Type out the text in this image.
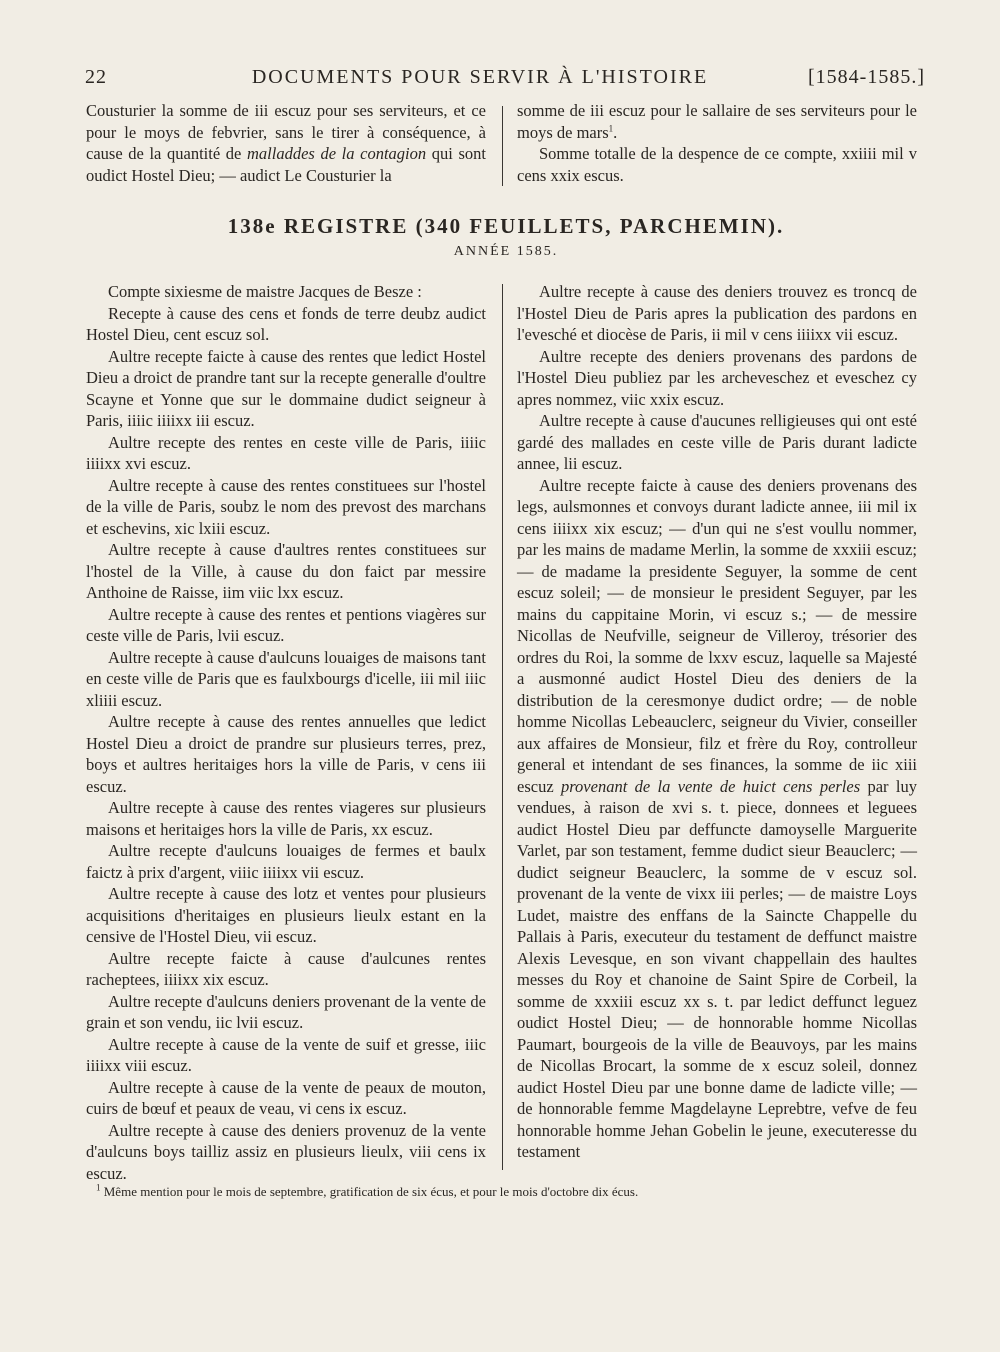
22	DOCUMENTS POUR SERVIR À L'HISTOIRE	[1584-1585.]

Cousturier la somme de iii escuz pour ses serviteurs, et ce pour le moys de febvrier, sans le tirer à conséquence, à cause de la quantité de malladdes de la contagion qui sont oudict Hostel Dieu; — audict Le Cousturier la

somme de iii escuz pour le sallaire de ses serviteurs pour le moys de mars$^1$.

Somme totalle de la despence de ce compte, xxiiii mil v cens xxix escus.

138e REGISTRE (340 FEUILLETS, PARCHEMIN).
ANNÉE 1585.

Compte sixiesme de maistre Jacques de Besze :

Recepte à cause des cens et fonds de terre deubz audict Hostel Dieu, cent escuz sol.

Aultre recepte faicte à cause des rentes que ledict Hostel Dieu a droict de prandre tant sur la recepte generalle d'oultre Scayne et Yonne que sur le dommaine dudict seigneur à Paris, iiiic iiiixx iii escuz.

Aultre recepte des rentes en ceste ville de Paris, iiiic iiiixx xvi escuz.

Aultre recepte à cause des rentes constituees sur l'hostel de la ville de Paris, soubz le nom des prevost des marchans et eschevins, xic lxiii escuz.

Aultre recepte à cause d'aultres rentes constituees sur l'hostel de la Ville, à cause du don faict par messire Anthoine de Raisse, iim viic lxx escuz.

Aultre recepte à cause des rentes et pentions viagères sur ceste ville de Paris, lvii escuz.

Aultre recepte à cause d'aulcuns louaiges de maisons tant en ceste ville de Paris que es faulxbourgs d'icelle, iii mil iiic xliiii escuz.

Aultre recepte à cause des rentes annuelles que ledict Hostel Dieu a droict de prandre sur plusieurs terres, prez, boys et aultres heritaiges hors la ville de Paris, v cens iii escuz.

Aultre recepte à cause des rentes viageres sur plusieurs maisons et heritaiges hors la ville de Paris, xx escuz.

Aultre recepte d'aulcuns louaiges de fermes et baulx faictz à prix d'argent, viiic iiiixx vii escuz.

Aultre recepte à cause des lotz et ventes pour plusieurs acquisitions d'heritaiges en plusieurs lieulx estant en la censive de l'Hostel Dieu, vii escuz.

Aultre recepte faicte à cause d'aulcunes rentes racheptees, iiiixx xix escuz.

Aultre recepte d'aulcuns deniers provenant de la vente de grain et son vendu, iic lvii escuz.

Aultre recepte à cause de la vente de suif et gresse, iiic iiiixx viii escuz.

Aultre recepte à cause de la vente de peaux de mouton, cuirs de bœuf et peaux de veau, vi cens ix escuz.

Aultre recepte à cause des deniers provenuz de la vente d'aulcuns boys tailliz assiz en plusieurs lieulx, viii cens ix escuz.

Aultre recepte à cause des deniers trouvez es troncq de l'Hostel Dieu de Paris apres la publication des pardons en l'evesché et diocèse de Paris, ii mil v cens iiiixx vii escuz.

Aultre recepte des deniers provenans des pardons de l'Hostel Dieu publiez par les archeveschez et eveschez cy apres nommez, viic xxix escuz.

Aultre recepte à cause d'aucunes relligieuses qui ont esté gardé des mallades en ceste ville de Paris durant ladicte annee, lii escuz.

Aultre recepte faicte à cause des deniers provenans des legs, aulsmonnes et convoys durant ladicte annee, iii mil ix cens iiiixx xix escuz; — d'un qui ne s'est voullu nommer, par les mains de madame Merlin, la somme de xxxiii escuz; — de madame la presidente Seguyer, la somme de cent escuz soleil; — de monsieur le president Seguyer, par les mains du cappitaine Morin, vi escuz s.; — de messire Nicollas de Neufville, seigneur de Villeroy, trésorier des ordres du Roi, la somme de lxxv escuz, laquelle sa Majesté a ausmonné audict Hostel Dieu des deniers de la distribution de la ceresmonye dudict ordre; — de noble homme Nicollas Lebeauclerc, seigneur du Vivier, conseiller aux affaires de Monsieur, filz et frère du Roy, controlleur general et intendant de ses finances, la somme de iic xiii escuz provenant de la vente de huict cens perles par luy vendues, à raison de xvi s. t. piece, donnees et leguees audict Hostel Dieu par deffuncte damoyselle Marguerite Varlet, par son testament, femme dudict sieur Beauclerc; — dudict seigneur Beauclerc, la somme de v escuz sol. provenant de la vente de vixx iii perles; — de maistre Loys Ludet, maistre des enffans de la Saincte Chappelle du Pallais à Paris, executeur du testament de deffunct maistre Alexis Levesque, en son vivant chappellain des haultes messes du Roy et chanoine de Saint Spire de Corbeil, la somme de xxxiii escuz xx s. t. par ledict deffunct leguez oudict Hostel Dieu; — de honnorable homme Nicollas Paumart, bourgeois de la ville de Beauvoys, par les mains de Nicollas Brocart, la somme de x escuz soleil, donnez audict Hostel Dieu par une bonne dame de ladicte ville; — de honnorable femme Magdelayne Leprebtre, vefve de feu honnorable homme Jehan Gobelin le jeune, executeresse du testament

$^1$ Même mention pour le mois de septembre, gratification de six écus, et pour le mois d'octobre dix écus.
